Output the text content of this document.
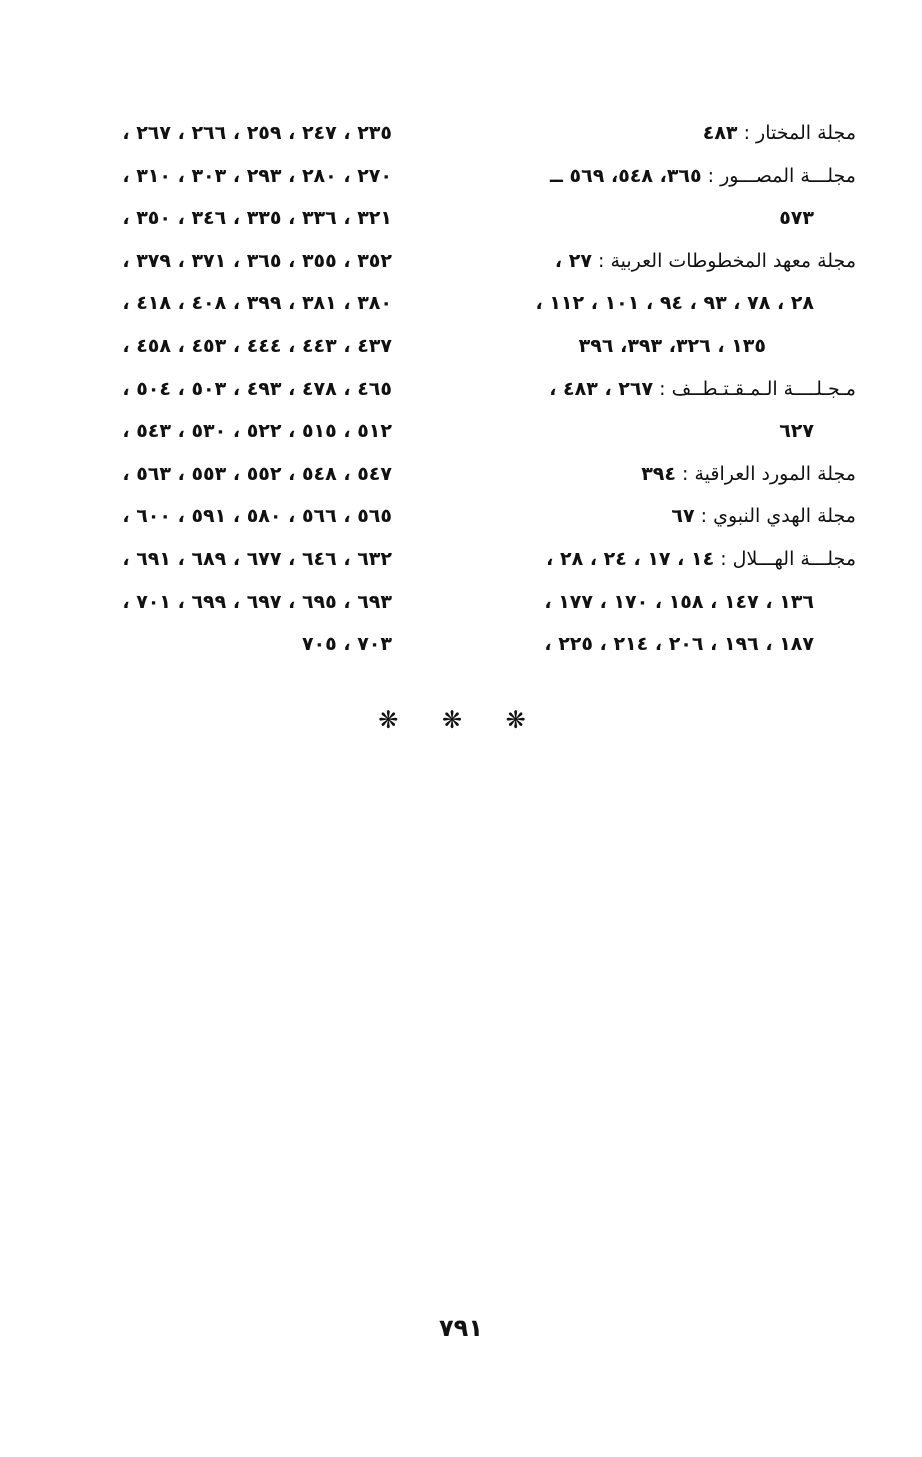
مجلة المختار : ٤٨٣
مجلـــة المصـــور : ٣٦٥، ٥٤٨، ٥٦٩ ــ
٥٧٣
مجلة معهد المخطوطات العربية : ٢٧ ،
٢٨ ، ٧٨ ، ٩٣ ، ٩٤ ، ١٠١ ، ١١٢ ،
١٣٥ ، ٣٢٦، ٣٩٣، ٣٩٦
مـجـلــــة الـمـقـتـطــف : ٢٦٧ ، ٤٨٣ ،
٦٢٧
مجلة المورد العراقية : ٣٩٤
مجلة الهدي النبوي : ٦٧
مجلـــة الهـــلال : ١٤ ، ١٧ ، ٢٤ ، ٢٨ ،
١٣٦ ، ١٤٧ ، ١٥٨ ، ١٧٠ ، ١٧٧ ،
١٨٧ ، ١٩٦ ، ٢٠٦ ، ٢١٤ ، ٢٢٥ ،
٢٣٥ ، ٢٤٧ ، ٢٥٩ ، ٢٦٦ ، ٢٦٧ ،
٢٧٠ ، ٢٨٠ ، ٢٩٣ ، ٣٠٣ ، ٣١٠ ،
٣٢١ ، ٣٣٦ ، ٣٣٥ ، ٣٤٦ ، ٣٥٠ ،
٣٥٢ ، ٣٥٥ ، ٣٦٥ ، ٣٧١ ، ٣٧٩ ،
٣٨٠ ، ٣٨١ ، ٣٩٩ ، ٤٠٨ ، ٤١٨ ،
٤٣٧ ، ٤٤٣ ، ٤٤٤ ، ٤٥٣ ، ٤٥٨ ،
٤٦٥ ، ٤٧٨ ، ٤٩٣ ، ٥٠٣ ، ٥٠٤ ،
٥١٢ ، ٥١٥ ، ٥٢٢ ، ٥٣٠ ، ٥٤٣ ،
٥٤٧ ، ٥٤٨ ، ٥٥٢ ، ٥٥٣ ، ٥٦٣ ،
٥٦٥ ، ٥٦٦ ، ٥٨٠ ، ٥٩١ ، ٦٠٠ ،
٦٣٢ ، ٦٤٦ ، ٦٧٧ ، ٦٨٩ ، ٦٩١ ،
٦٩٣ ، ٦٩٥ ، ٦٩٧ ، ٦٩٩ ، ٧٠١ ،
٧٠٣ ، ٧٠٥
❋ ❋ ❋
٧٩١
